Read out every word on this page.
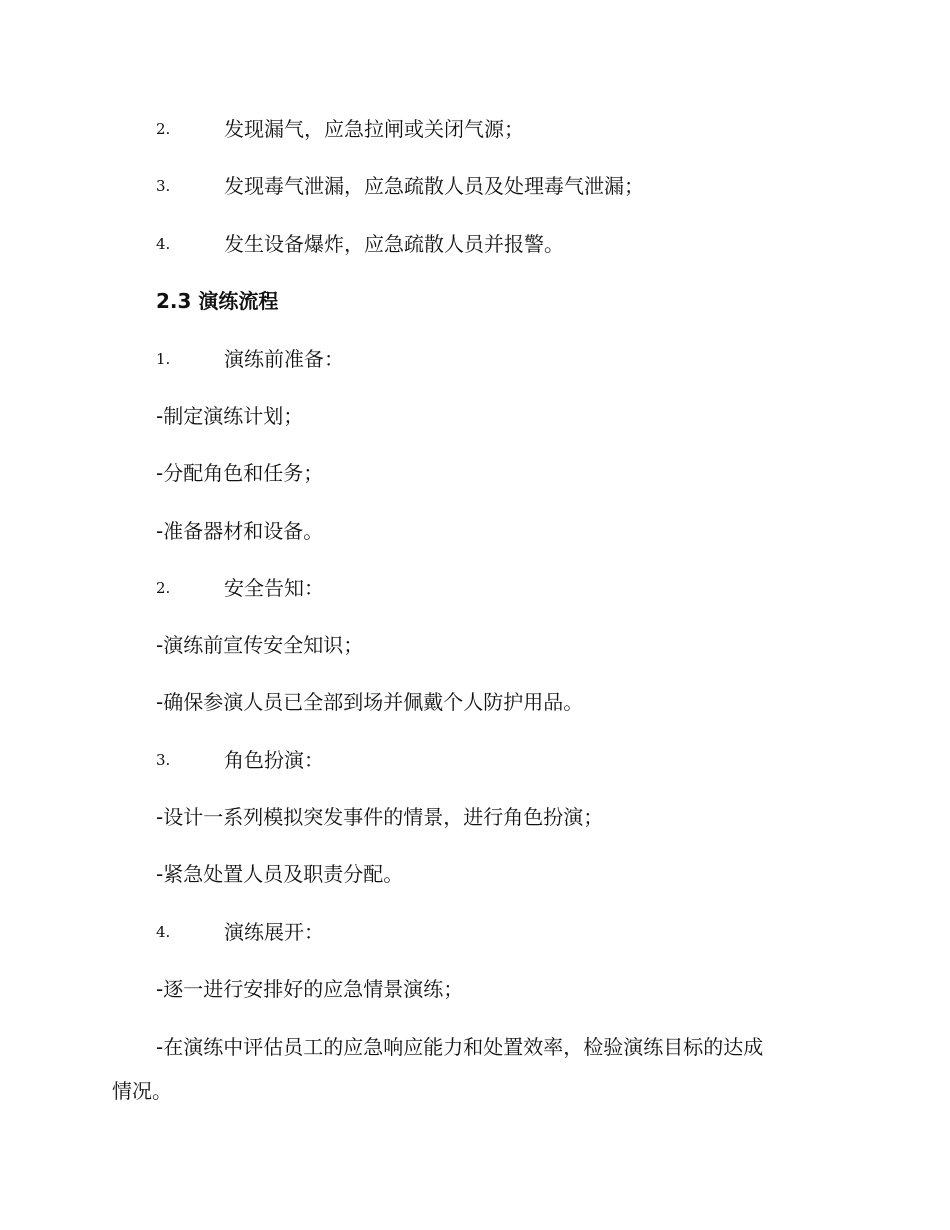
2.	发现漏气，应急拉闸或关闭气源；
3.	发现毒气泄漏，应急疏散人员及处理毒气泄漏；
4.	发生设备爆炸，应急疏散人员并报警。
2.3 演练流程
1.	演练前准备：
-制定演练计划；
-分配角色和任务；
-准备器材和设备。
2.	安全告知：
-演练前宣传安全知识；
-确保参演人员已全部到场并佩戴个人防护用品。
3.	角色扮演：
-设计一系列模拟突发事件的情景，进行角色扮演；
-紧急处置人员及职责分配。
4.	演练展开：
-逐一进行安排好的应急情景演练；
-在演练中评估员工的应急响应能力和处置效率，检验演练目标的达成
情况。
